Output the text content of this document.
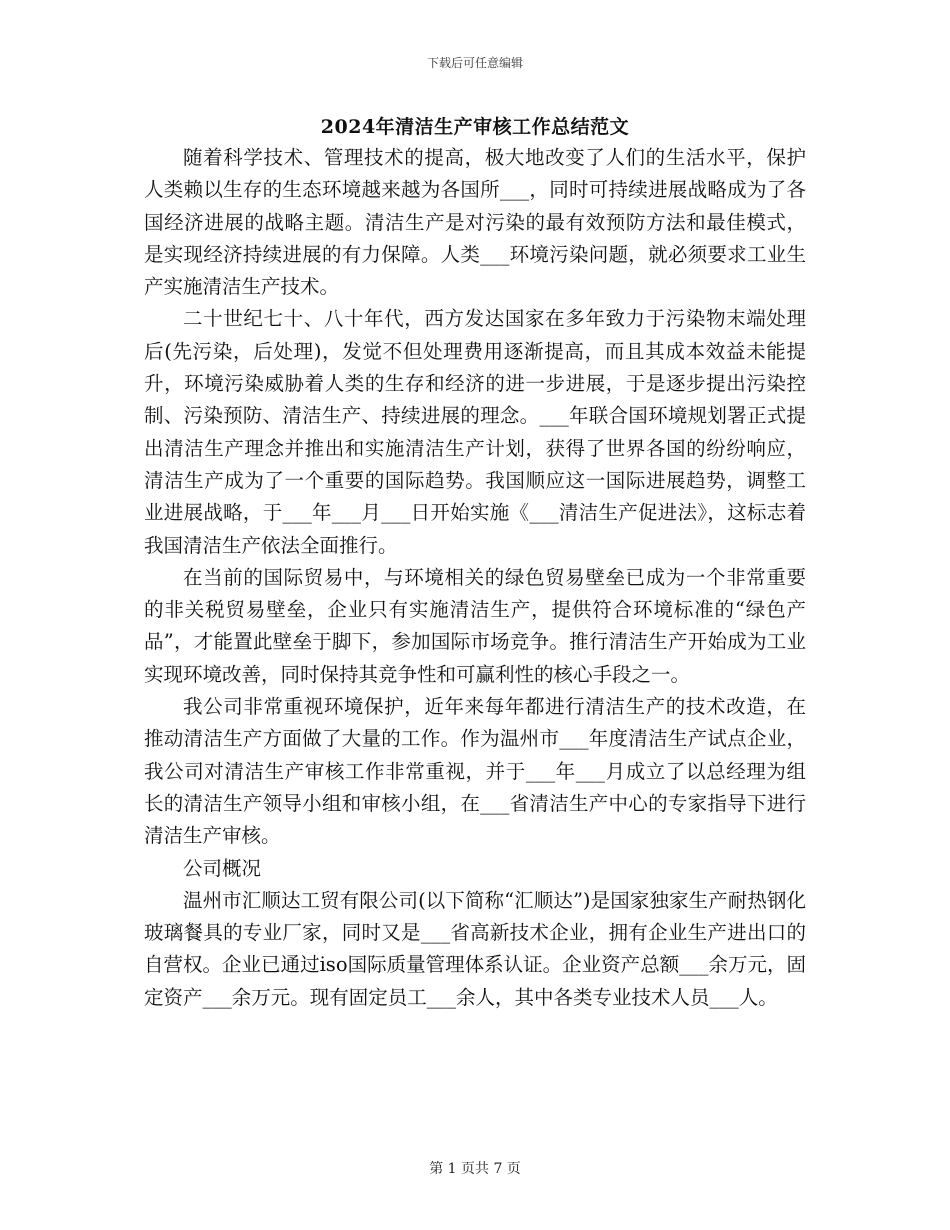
下载后可任意编辑
2024年清洁生产审核工作总结范文

随着科学技术、管理技术的提高，极大地改变了人们的生活水平，保护人类赖以生存的生态环境越来越为各国所___，同时可持续进展战略成为了各国经济进展的战略主题。清洁生产是对污染的最有效预防方法和最佳模式，是实现经济持续进展的有力保障。人类___环境污染问题，就必须要求工业生产实施清洁生产技术。

二十世纪七十、八十年代，西方发达国家在多年致力于污染物末端处理后(先污染，后处理)，发觉不但处理费用逐渐提高，而且其成本效益未能提升，环境污染威胁着人类的生存和经济的进一步进展，于是逐步提出污染控制、污染预防、清洁生产、持续进展的理念。___年联合国环境规划署正式提出清洁生产理念并推出和实施清洁生产计划，获得了世界各国的纷纷响应，清洁生产成为了一个重要的国际趋势。我国顺应这一国际进展趋势，调整工业进展战略，于___年___月___日开始实施《___清洁生产促进法》，这标志着我国清洁生产依法全面推行。

在当前的国际贸易中，与环境相关的绿色贸易壁垒已成为一个非常重要的非关税贸易壁垒，企业只有实施清洁生产，提供符合环境标准的“绿色产品”，才能置此壁垒于脚下，参加国际市场竞争。推行清洁生产开始成为工业实现环境改善，同时保持其竞争性和可赢利性的核心手段之一。

我公司非常重视环境保护，近年来每年都进行清洁生产的技术改造，在推动清洁生产方面做了大量的工作。作为温州市___年度清洁生产试点企业，我公司对清洁生产审核工作非常重视，并于___年___月成立了以总经理为组长的清洁生产领导小组和审核小组，在___省清洁生产中心的专家指导下进行清洁生产审核。

公司概况

温州市汇顺达工贸有限公司(以下简称“汇顺达”)是国家独家生产耐热钢化玻璃餐具的专业厂家，同时又是___省高新技术企业，拥有企业生产进出口的自营权。企业已通过iso国际质量管理体系认证。企业资产总额___余万元，固定资产___余万元。现有固定员工___余人，其中各类专业技术人员___人。

第 1 页共 7 页
